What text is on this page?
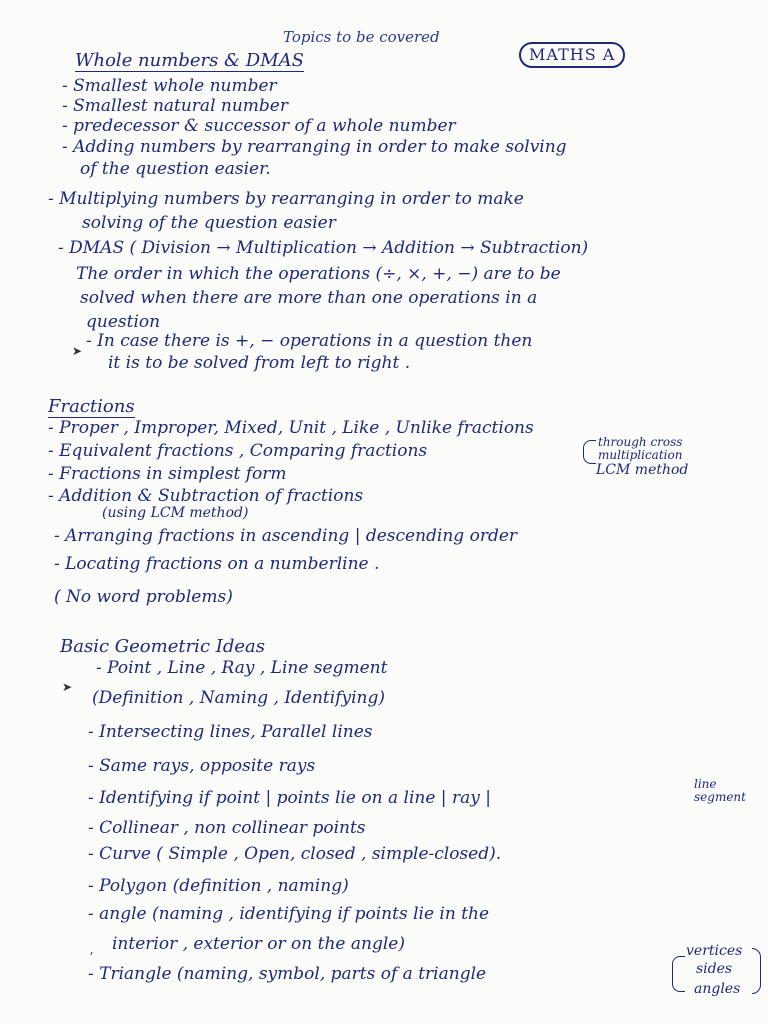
Topics to be covered
MATHS A
Whole numbers & DMAS
- Smallest whole number
- Smallest natural number
- predecessor & successor of a whole number
- Adding numbers by rearranging in order to make solving
of the question easier.
- Multiplying numbers by rearranging in order to make
solving of the question easier
- DMAS ( Division → Multiplication → Addition → Subtraction)
The order in which the operations (÷, ×, +, −) are to be
solved when there are more than one operations in a
question
➤ - In case there is +, − operations in a question then
it is to be solved from left to right .
Fractions
- Proper , Improper, Mixed, Unit , Like , Unlike fractions
- Equivalent fractions , Comparing fractions	through cross multiplication
LCM method
- Fractions in simplest form
- Addition & Subtraction of fractions
(using LCM method)
- Arranging fractions in ascending | descending order
- Locating fractions on a numberline .
( No word problems)
Basic Geometric Ideas
➤
- Point , Line , Ray , Line segment
(Definition , Naming , Identifying)
- Intersecting lines, Parallel lines
- Same rays, opposite rays
- Identifying if point | points lie on a line | ray |
line segment
- Collinear , non collinear points
- Curve ( Simple , Open, closed , simple-closed).
- Polygon (definition , naming)
- angle (naming , identifying if points lie in the
⸴ interior , exterior or on the angle)
- Triangle (naming, symbol, parts of a triangle
vertices
sides
angles
